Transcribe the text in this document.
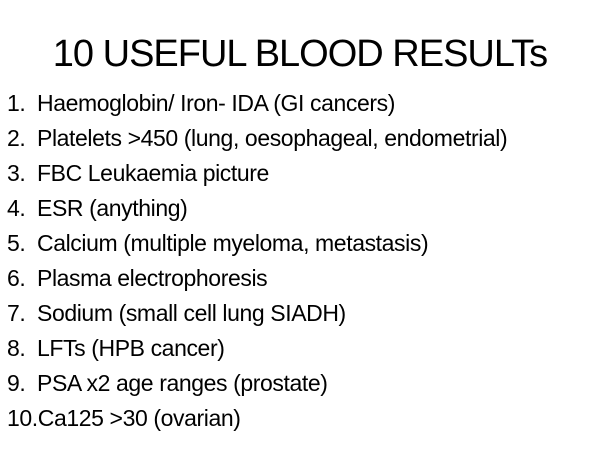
10 USEFUL BLOOD RESULTs
1. Haemoglobin/ Iron- IDA (GI cancers)
2. Platelets >450 (lung, oesophageal, endometrial)
3. FBC Leukaemia picture
4. ESR (anything)
5. Calcium (multiple myeloma, metastasis)
6. Plasma electrophoresis
7. Sodium (small cell lung SIADH)
8. LFTs (HPB cancer)
9. PSA x2 age ranges (prostate)
10. Ca125 >30 (ovarian)
